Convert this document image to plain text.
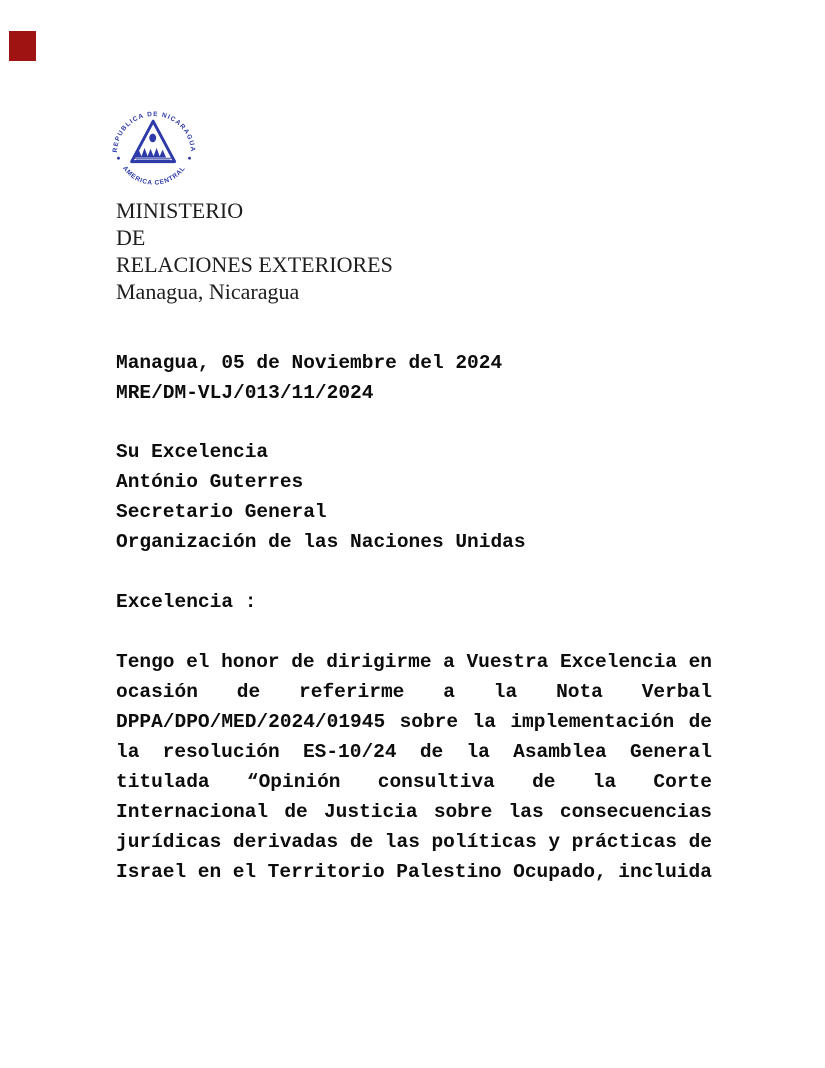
REPUBLICA DE NICARAGUA
AMERICA CENTRAL
MINISTERIO
DE
RELACIONES EXTERIORES
Managua, Nicaragua
Managua, 05 de Noviembre del 2024
MRE/DM-VLJ/013/11/2024
Su Excelencia
António Guterres
Secretario General
Organización de las Naciones Unidas
Excelencia :
Tengo el honor de dirigirme a Vuestra Excelencia en
ocasión de referirme a la Nota Verbal
DPPA/DPO/MED/2024/01945 sobre la implementación de
la resolución ES-10/24 de la Asamblea General
titulada “Opinión consultiva de la Corte
Internacional de Justicia sobre las consecuencias
jurídicas derivadas de las políticas y prácticas de
Israel en el Territorio Palestino Ocupado, incluida
